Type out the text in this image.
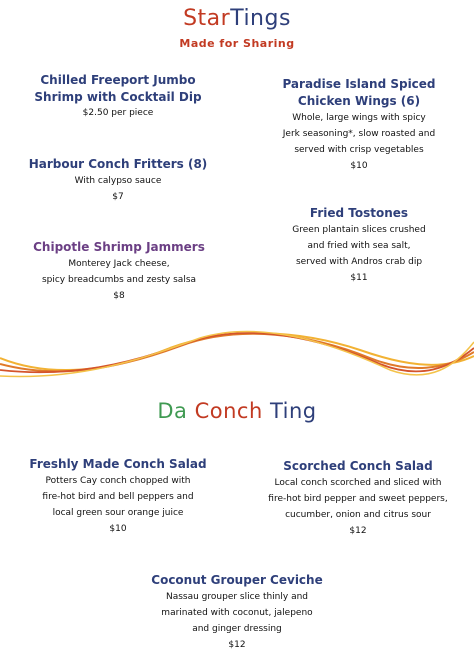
StarTings
Made for Sharing
Chilled Freeport Jumbo
Shrimp with Cocktail Dip
$2.50 per piece
Harbour Conch Fritters (8)
With calypso sauce
$7
Chipotle Shrimp Jammers
Monterey Jack cheese,
spicy breadcumbs and zesty salsa
$8
Paradise Island Spiced
Chicken Wings (6)
Whole, large wings with spicy
Jerk seasoning*, slow roasted and
served with crisp vegetables
$10
Fried Tostones
Green plantain slices crushed
and fried with sea salt,
served with Andros crab dip
$11
Da Conch Ting
Freshly Made Conch Salad
Potters Cay conch chopped with
fire-hot bird and bell peppers and
local green sour orange juice
$10
Scorched Conch Salad
Local conch scorched and sliced with
fire-hot bird pepper and sweet peppers,
cucumber, onion and citrus sour
$12
Coconut Grouper Ceviche
Nassau grouper slice thinly and
marinated with coconut, jalepeno
and ginger dressing
$12
